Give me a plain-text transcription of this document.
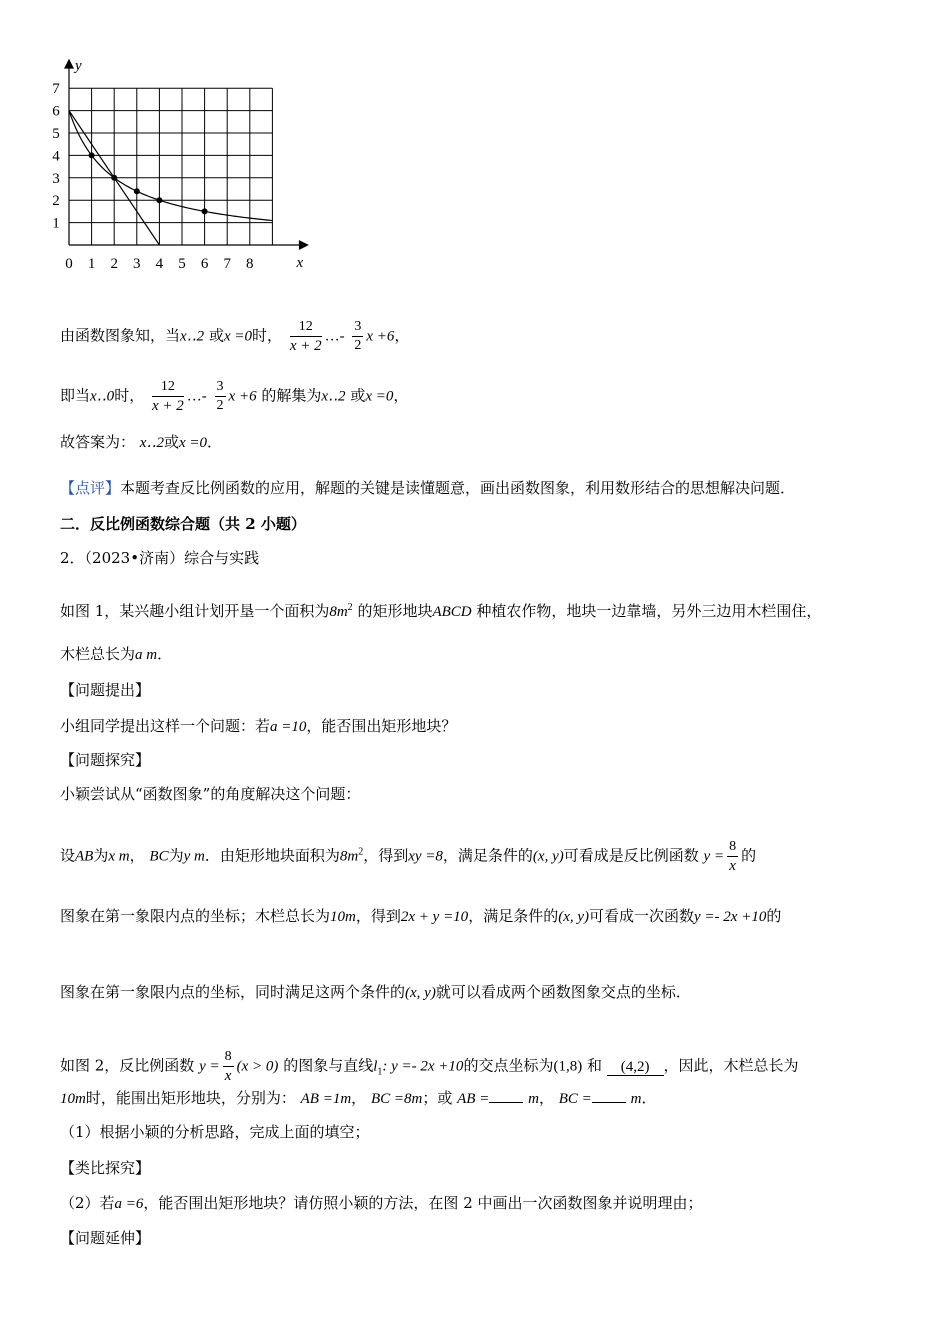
1
2
3
4
5
6
7
0 1 2 3 4 5 6 7 8	x
y
由函数图象知，当x‥2 或x =0时， $\frac{12}{x + 2}$ …- $\frac{3}{2}$ x +6，
即当x‥0时， $\frac{12}{x + 2}$ …- $\frac{3}{2}$ x +6 的解集为x‥2 或x =0，
故答案为： x‥2或x =0．
【点评】本题考查反比例函数的应用，解题的关键是读懂题意，画出函数图象，利用数形结合的思想解决问题．
二．反比例函数综合题（共 2 小题）
2．（2023•济南）综合与实践
如图 1，某兴趣小组计划开垦一个面积为$8m^2$ 的矩形地块ABCD 种植农作物，地块一边靠墙，另外三边用木栏围住，
木栏总长为a m．
【问题提出】
小组同学提出这样一个问题：若a =10，能否围出矩形地块？
【问题探究】
小颖尝试从“函数图象”的角度解决这个问题：
设AB为x m， BC为y m．由矩形地块面积为$8m^2$，得到xy =8，满足条件的(x, y)可看成是反比例函数 $y = \frac{8}{x}$ 的
图象在第一象限内点的坐标；木栏总长为10m，得到2x + y =10，满足条件的(x, y)可看成一次函数y =- 2x +10的
图象在第一象限内点的坐标，同时满足这两个条件的(x, y)就可以看成两个函数图象交点的坐标．
如图 2，反比例函数 $y = \frac{8}{x} (x > 0)$ 的图象与直线$l_1$: y =- 2x +10的交点坐标为(1,8) 和 (4,2) ，因此，木栏总长为
10m时，能围出矩形地块，分别为： AB =1m， BC =8m；或 AB =	m， BC =	m．
（1）根据小颖的分析思路，完成上面的填空；
【类比探究】
（2）若a =6，能否围出矩形地块？请仿照小颖的方法，在图 2 中画出一次函数图象并说明理由；
【问题延伸】
